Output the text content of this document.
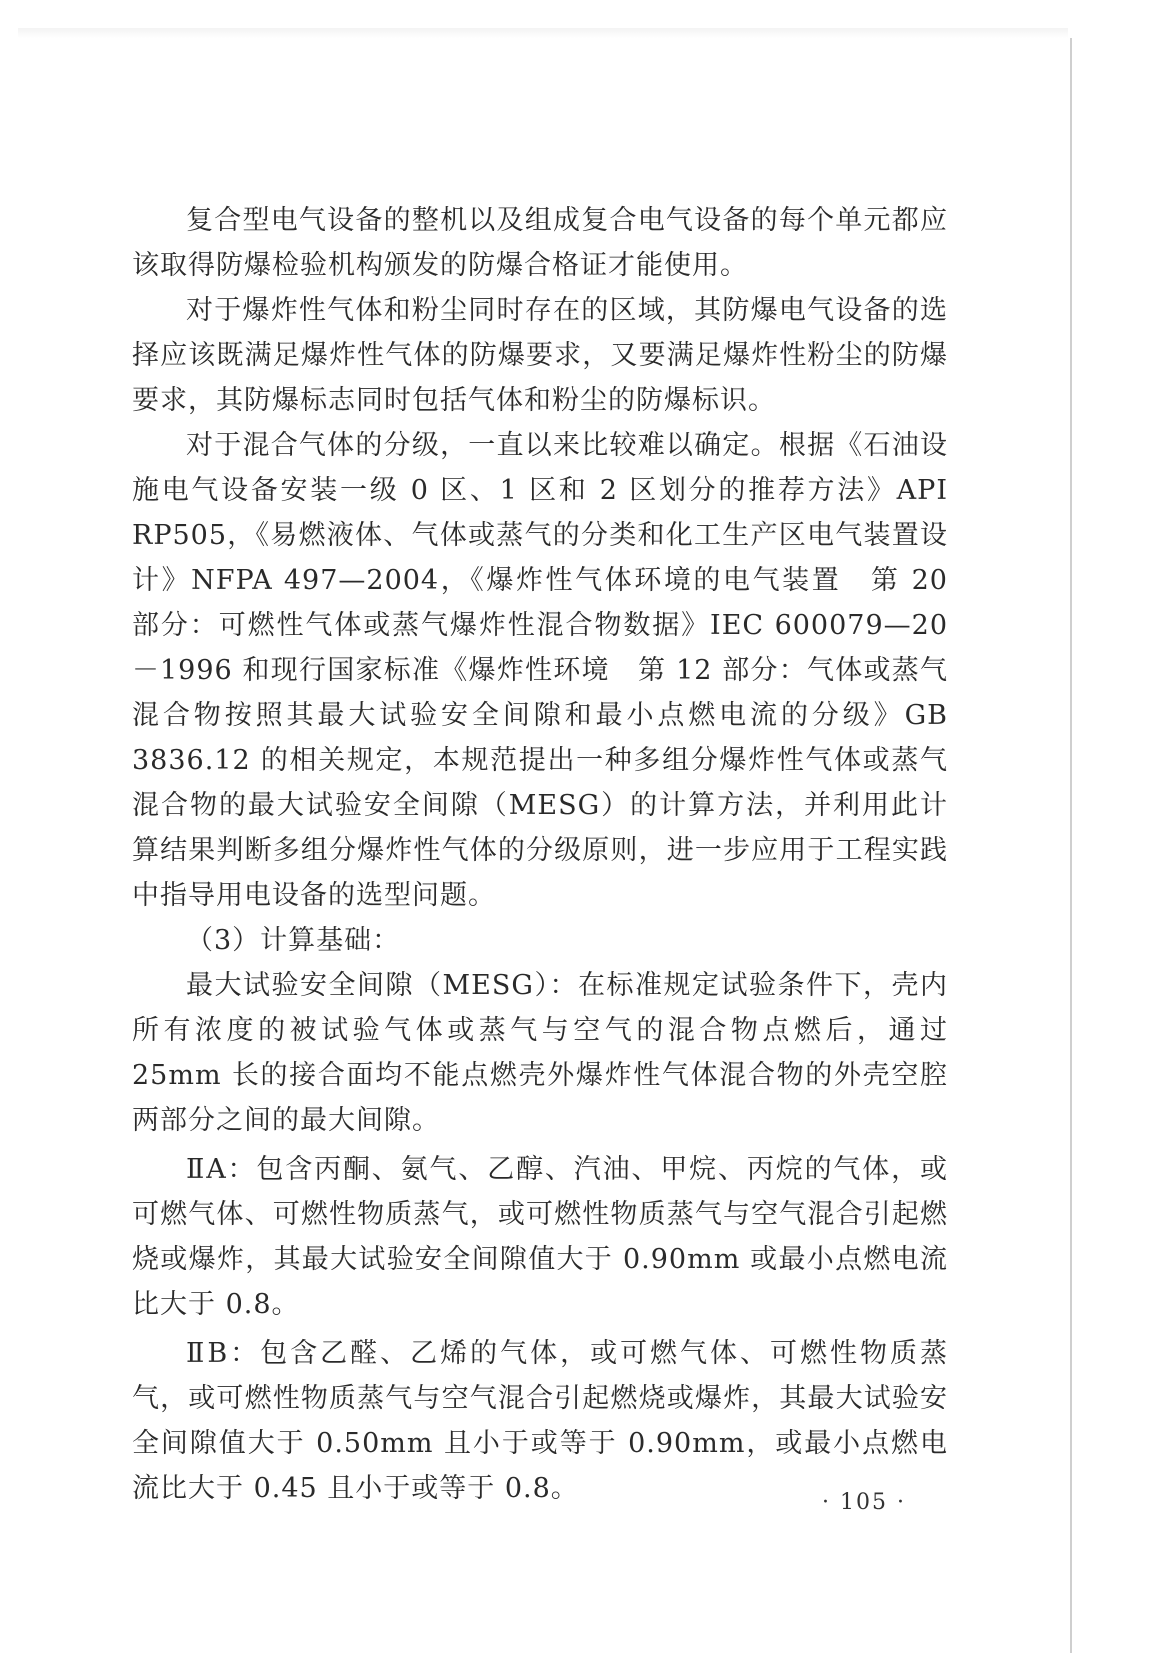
复合型电气设备的整机以及组成复合电气设备的每个单元都应该取得防爆检验机构颁发的防爆合格证才能使用。

对于爆炸性气体和粉尘同时存在的区域，其防爆电气设备的选择应该既满足爆炸性气体的防爆要求，又要满足爆炸性粉尘的防爆要求，其防爆标志同时包括气体和粉尘的防爆标识。

对于混合气体的分级，一直以来比较难以确定。根据《石油设施电气设备安装一级 0 区、1 区和 2 区划分的推荐方法》API RP505，《易燃液体、气体或蒸气的分类和化工生产区电气装置设计》NFPA 497—2004，《爆炸性气体环境的电气装置　第 20 部分：可燃性气体或蒸气爆炸性混合物数据》IEC 600079—20－1996 和现行国家标准《爆炸性环境　第 12 部分：气体或蒸气混合物按照其最大试验安全间隙和最小点燃电流的分级》GB 3836.12 的相关规定，本规范提出一种多组分爆炸性气体或蒸气混合物的最大试验安全间隙（MESG）的计算方法，并利用此计算结果判断多组分爆炸性气体的分级原则，进一步应用于工程实践中指导用电设备的选型问题。

（3）计算基础：

最大试验安全间隙（MESG）：在标准规定试验条件下，壳内所有浓度的被试验气体或蒸气与空气的混合物点燃后，通过 25mm 长的接合面均不能点燃壳外爆炸性气体混合物的外壳空腔两部分之间的最大间隙。

ⅡA：包含丙酮、氨气、乙醇、汽油、甲烷、丙烷的气体，或可燃气体、可燃性物质蒸气，或可燃性物质蒸气与空气混合引起燃烧或爆炸，其最大试验安全间隙值大于 0.90mm 或最小点燃电流比大于 0.8。

ⅡB：包含乙醛、乙烯的气体，或可燃气体、可燃性物质蒸气，或可燃性物质蒸气与空气混合引起燃烧或爆炸，其最大试验安全间隙值大于 0.50mm 且小于或等于 0.90mm，或最小点燃电流比大于 0.45 且小于或等于 0.8。	· 105 ·
